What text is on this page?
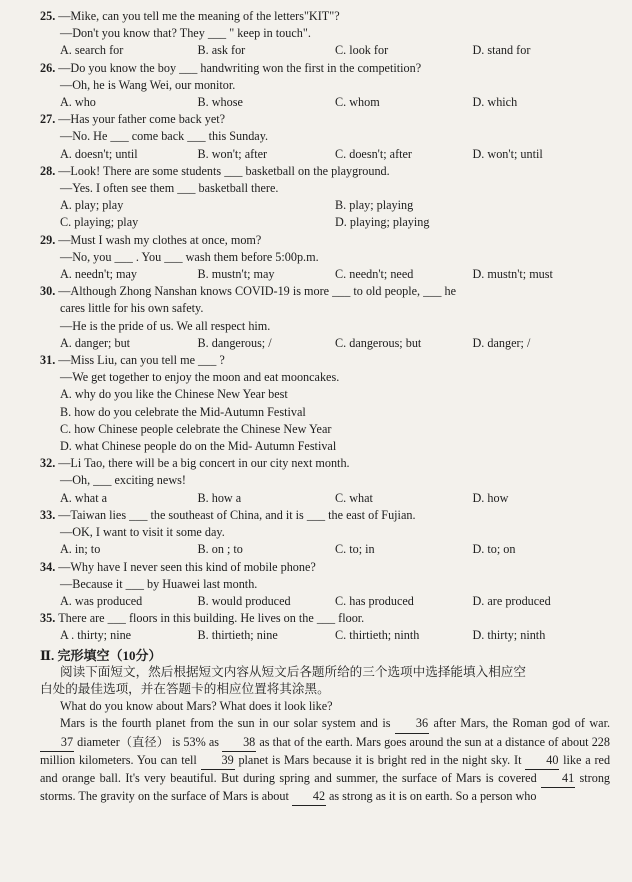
25. —Mike, can you tell me the meaning of the letters"KIT"?
—Don't you know that? They ___ " keep in touch".
A. search for	B. ask for	C. look for	D. stand for
26. —Do you know the boy ___ handwriting won the first in the competition?
—Oh, he is Wang Wei, our monitor.
A. who	B. whose	C. whom	D. which
27. —Has your father come back yet?
—No. He ___ come back ___ this Sunday.
A. doesn't; until	B. won't; after	C. doesn't; after	D. won't; until
28. —Look! There are some students ___ basketball on the playground.
—Yes. I often see them ___ basketball there.
A. play; play	B. play; playing
C. playing; play	D. playing; playing
29. —Must I wash my clothes at once, mom?
—No, you ___ . You ___ wash them before 5:00p.m.
A. needn't; may	B. mustn't; may	C. needn't; need	D. mustn't; must
30. —Although Zhong Nanshan knows COVID-19 is more ___ to old people, ___ he
cares little for his own safety.
—He is the pride of us. We all respect him.
A. danger; but	B. dangerous; /	C. dangerous; but	D. danger; /
31. —Miss Liu, can you tell me ___ ?
—We get together to enjoy the moon and eat mooncakes.
A. why do you like the Chinese New Year best
B. how do you celebrate the Mid-Autumn Festival
C. how Chinese people celebrate the Chinese New Year
D. what Chinese people do on the Mid- Autumn Festival
32. —Li Tao, there will be a big concert in our city next month.
—Oh, ___ exciting news!
A. what a	B. how a	C. what	D. how
33. —Taiwan lies ___ the southeast of China, and it is ___ the east of Fujian.
—OK, I want to visit it some day.
A. in; to	B. on ; to	C. to; in	D. to; on
34. —Why have I never seen this kind of mobile phone?
—Because it ___ by Huawei last month.
A. was produced	B. would produced	C. has produced	D. are produced
35. There are ___ floors in this building. He lives on the ___ floor.
A . thirty; nine	B. thirtieth; nine	C. thirtieth; ninth	D. thirty; ninth
Ⅱ. 完形填空（10分）
阅读下面短文，然后根据短文内容从短文后各题所给的三个选项中选择能填入相应空
白处的最佳选项，并在答题卡的相应位置将其涂黑。
What do you know about Mars? What does it look like?

Mars is the fourth planet from the sun in our solar system and is 36 after Mars, the Roman god of war. 37 diameter（直径） is 53% as 38 as that of the earth. Mars goes around the sun at a distance of about 228 million kilometers. You can tell 39 planet is Mars because it is bright red in the night sky. It 40 like a red and orange ball. It's very beautiful. But during spring and summer, the surface of Mars is covered 41 strong storms. The gravity on the surface of Mars is about 42 as strong as it is on earth. So a person who
